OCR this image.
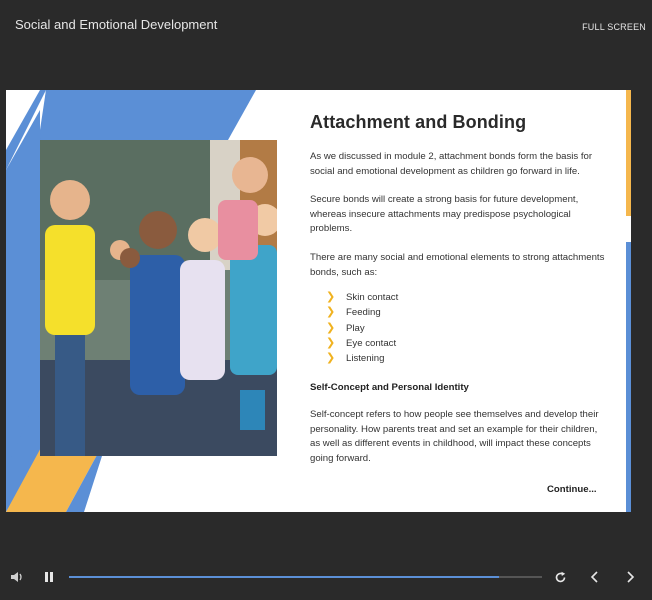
Social and Emotional Development	FULL SCREEN
Attachment and Bonding

As we discussed in module 2, attachment bonds form the basis for social and emotional development as children go forward in life.

Secure bonds will create a strong basis for future development, whereas insecure attachments may predispose psychological problems.

There are many social and emotional elements to strong attachments bonds, such as:

❯	Skin contact
❯	Feeding
❯	Play
❯	Eye contact
❯	Listening

Self-Concept and Personal Identity

Self-concept refers to how people see themselves and develop their personality. How parents treat and set an example for their children, as well as different events in childhood, will impact these concepts going forward.

Continue...
